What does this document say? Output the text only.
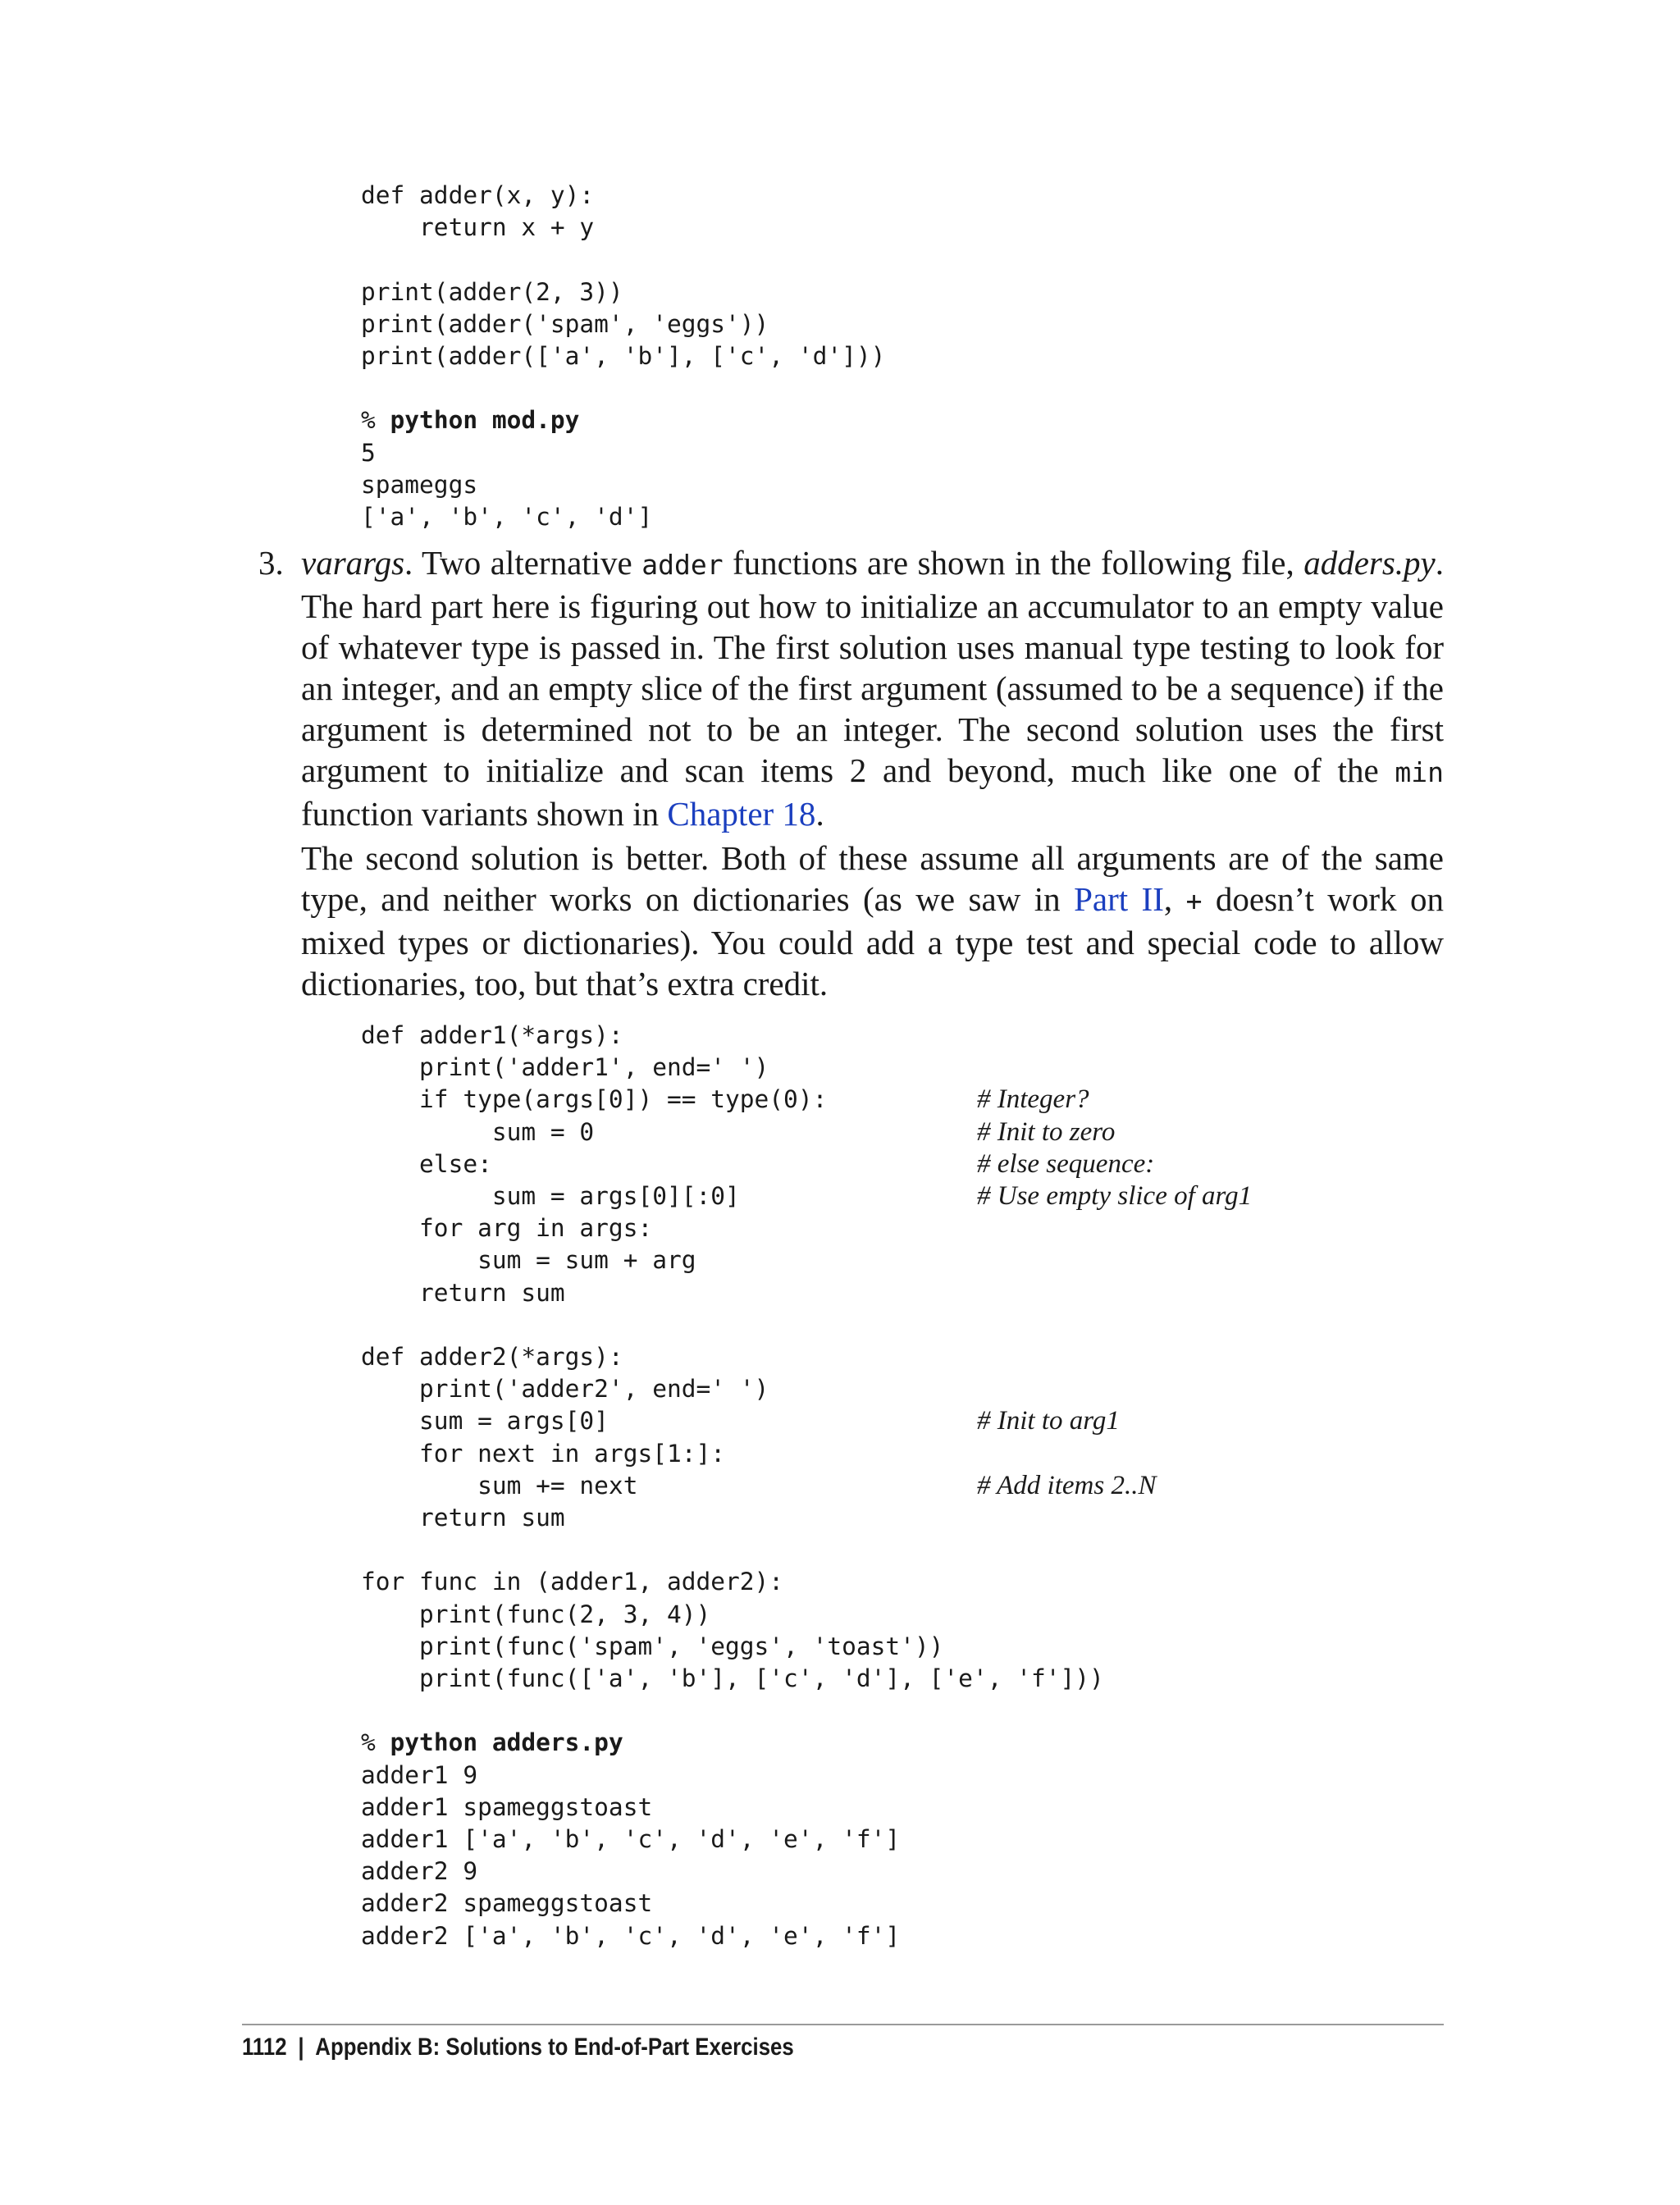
def adder(x, y):
return x + y

print(adder(2, 3))
print(adder('spam', 'eggs'))
print(adder(['a', 'b'], ['c', 'd']))

% python mod.py
5
spameggs
['a', 'b', 'c', 'd']

3. varargs. Two alternative adder functions are shown in the following file, adders.py. The hard part here is figuring out how to initialize an accumulator to an empty value of whatever type is passed in. The first solution uses manual type testing to look for an integer, and an empty slice of the first argument (assumed to be a sequence) if the argument is determined not to be an integer. The second solution uses the first argument to initialize and scan items 2 and beyond, much like one of the min function variants shown in Chapter 18.

The second solution is better. Both of these assume all arguments are of the same type, and neither works on dictionaries (as we saw in Part II, + doesn’t work on mixed types or dictionaries). You could add a type test and special code to allow dictionaries, too, but that’s extra credit.

def adder1(*args):
print('adder1', end=' ')
if type(args[0]) == type(0):
sum = 0
else:
sum = args[0][:0]
for arg in args:
sum = sum + arg
return sum

def adder2(*args):
print('adder2', end=' ')
sum = args[0]
for next in args[1:]:
sum += next
return sum

for func in (adder1, adder2):
print(func(2, 3, 4))
print(func('spam', 'eggs', 'toast'))
print(func(['a', 'b'], ['c', 'd'], ['e', 'f']))

% python adders.py
adder1 9
adder1 spameggstoast
adder1 ['a', 'b', 'c', 'd', 'e', 'f']
adder2 9
adder2 spameggstoast
adder2 ['a', 'b', 'c', 'd', 'e', 'f']
# Integer?
# Init to zero
# else sequence:
# Use empty slice of arg1
# Init to arg1
# Add items 2..N
1112 | Appendix B: Solutions to End-of-Part Exercises
